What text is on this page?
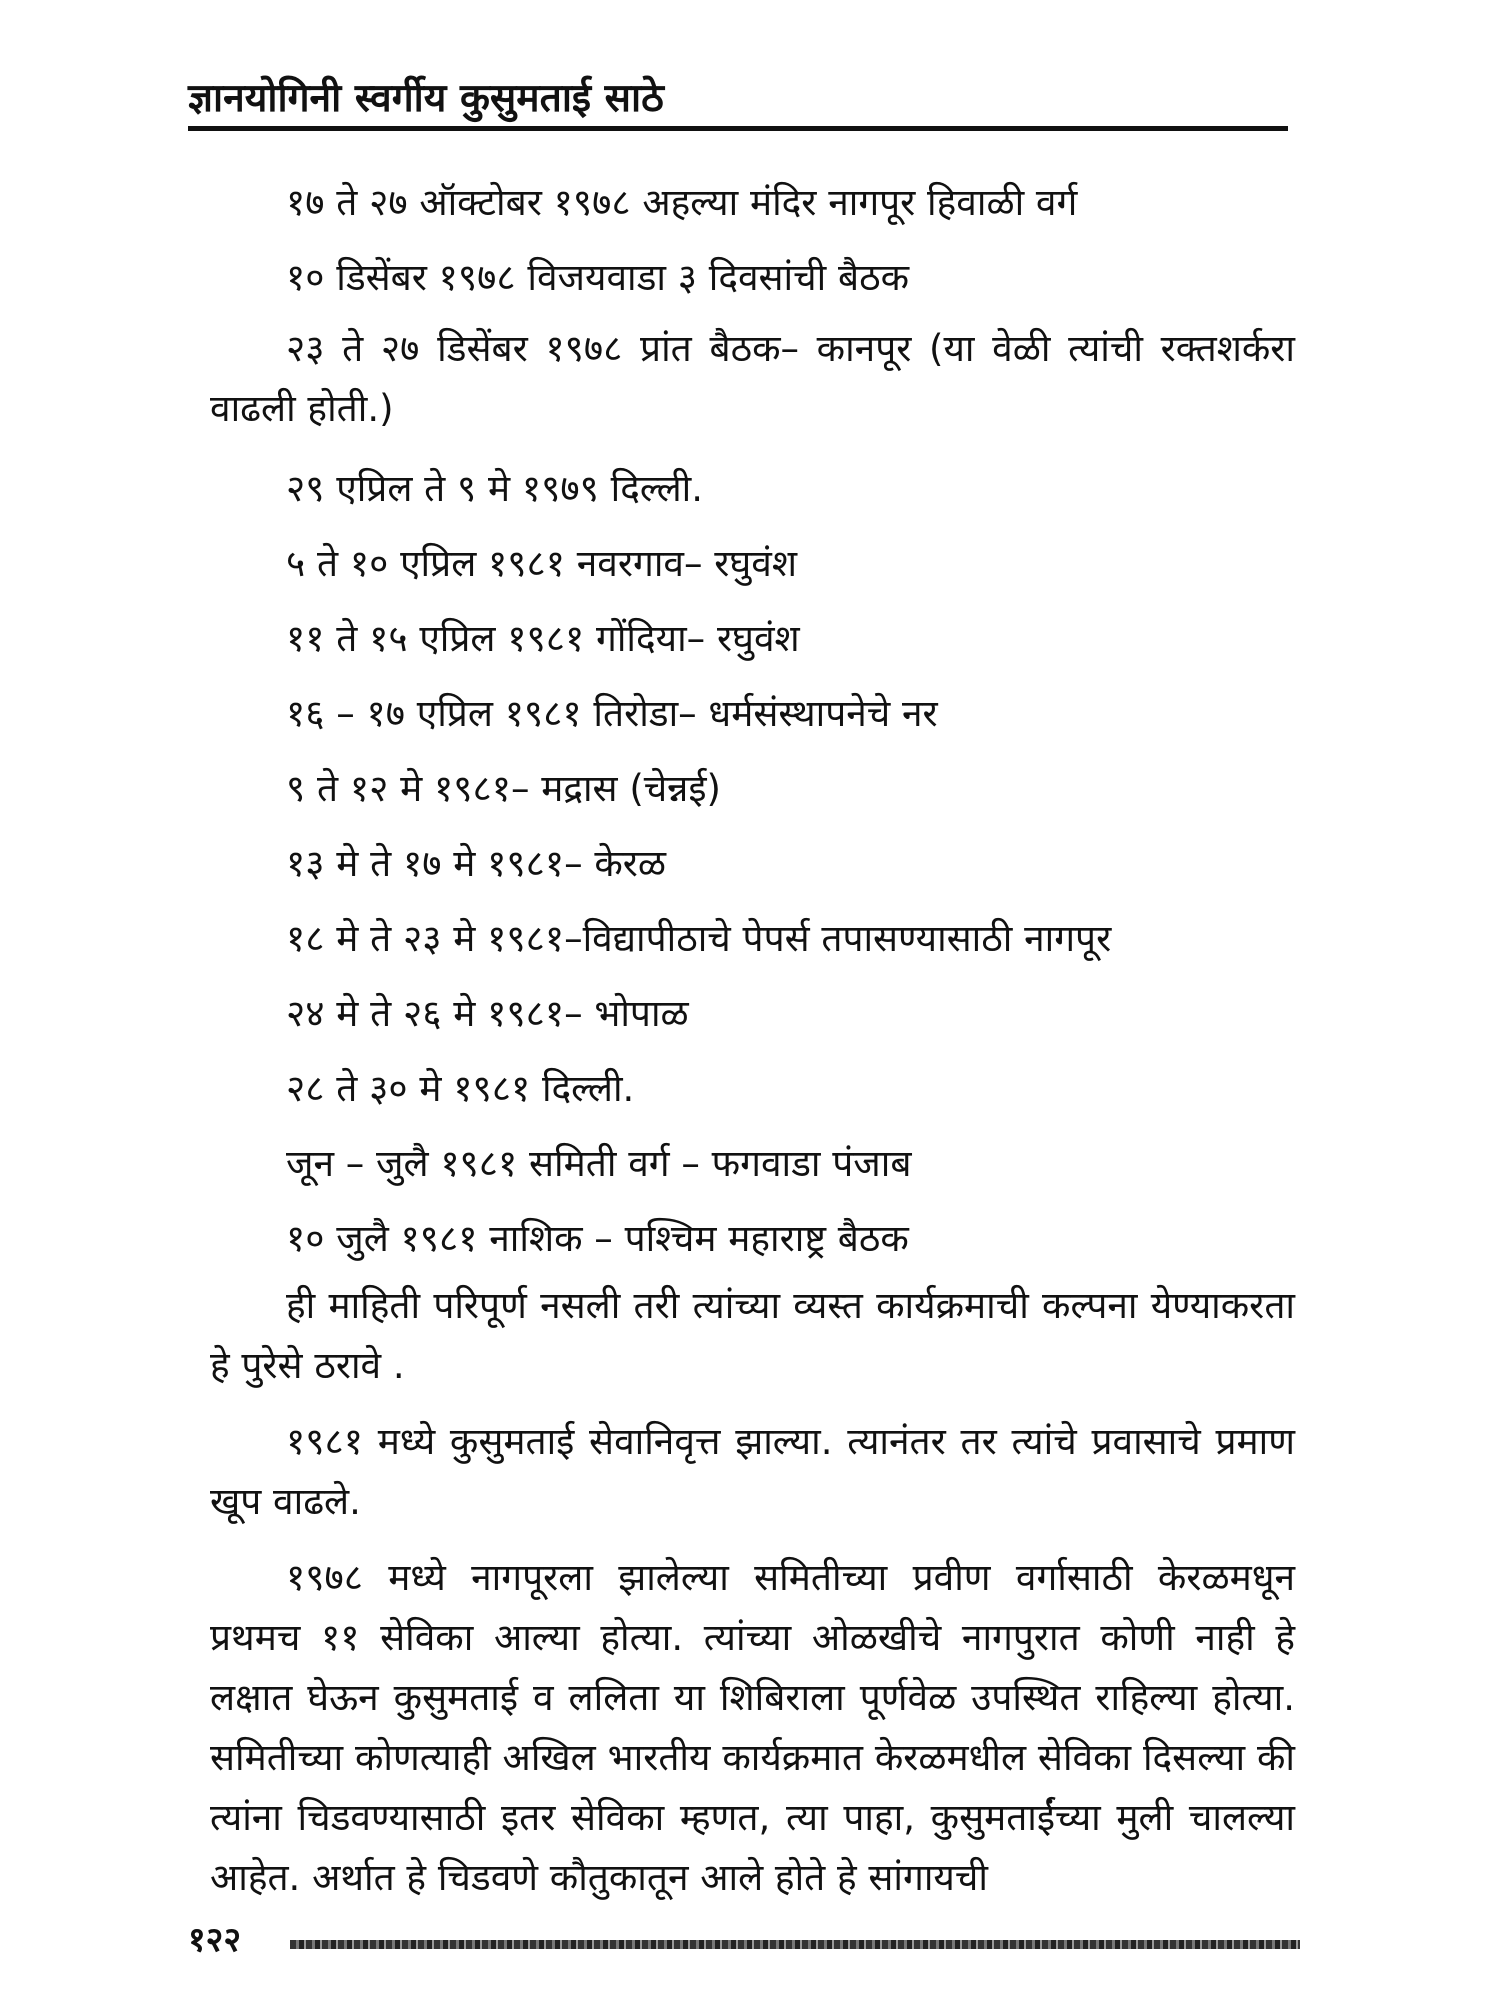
ज्ञानयोगिनी स्वर्गीय कुसुमताई साठे
१७ ते २७ ऑक्टोबर १९७८ अहल्या मंदिर नागपूर हिवाळी वर्ग
१० डिसेंबर १९७८ विजयवाडा ३ दिवसांची बैठक
२३ ते २७ डिसेंबर १९७८ प्रांत बैठक– कानपूर (या वेळी त्यांची रक्तशर्करा वाढली होती.)
२९ एप्रिल ते ९ मे १९७९ दिल्ली.
५ ते १० एप्रिल १९८१ नवरगाव– रघुवंश
११ ते १५ एप्रिल १९८१ गोंदिया– रघुवंश
१६ – १७ एप्रिल १९८१ तिरोडा– धर्मसंस्थापनेचे नर
९ ते १२ मे १९८१– मद्रास (चेन्नई)
१३ मे ते १७ मे १९८१– केरळ
१८ मे ते २३ मे १९८१–विद्यापीठाचे पेपर्स तपासण्यासाठी नागपूर
२४ मे ते २६ मे १९८१– भोपाळ
२८ ते ३० मे १९८१ दिल्ली.
जून – जुलै १९८१ समिती वर्ग – फगवाडा पंजाब
१० जुलै १९८१ नाशिक – पश्चिम महाराष्ट्र बैठक

ही माहिती परिपूर्ण नसली तरी त्यांच्या व्यस्त कार्यक्रमाची कल्पना येण्याकरता हे पुरेसे ठरावे .

१९८१ मध्ये कुसुमताई सेवानिवृत्त झाल्या. त्यानंतर तर त्यांचे प्रवासाचे प्रमाण खूप वाढले.

१९७८ मध्ये नागपूरला झालेल्या समितीच्या प्रवीण वर्गासाठी केरळमधून प्रथमच ११ सेविका आल्या होत्या. त्यांच्या ओळखीचे नागपुरात कोणी नाही हे लक्षात घेऊन कुसुमताई व ललिता या शिबिराला पूर्णवेळ उपस्थित राहिल्या होत्या. समितीच्या कोणत्याही अखिल भारतीय कार्यक्रमात केरळमधील सेविका दिसल्या की त्यांना चिडवण्यासाठी इतर सेविका म्हणत, त्या पाहा, कुसुमताईंच्या मुली चालल्या आहेत. अर्थात हे चिडवणे कौतुकातून आले होते हे सांगायची

१२२
